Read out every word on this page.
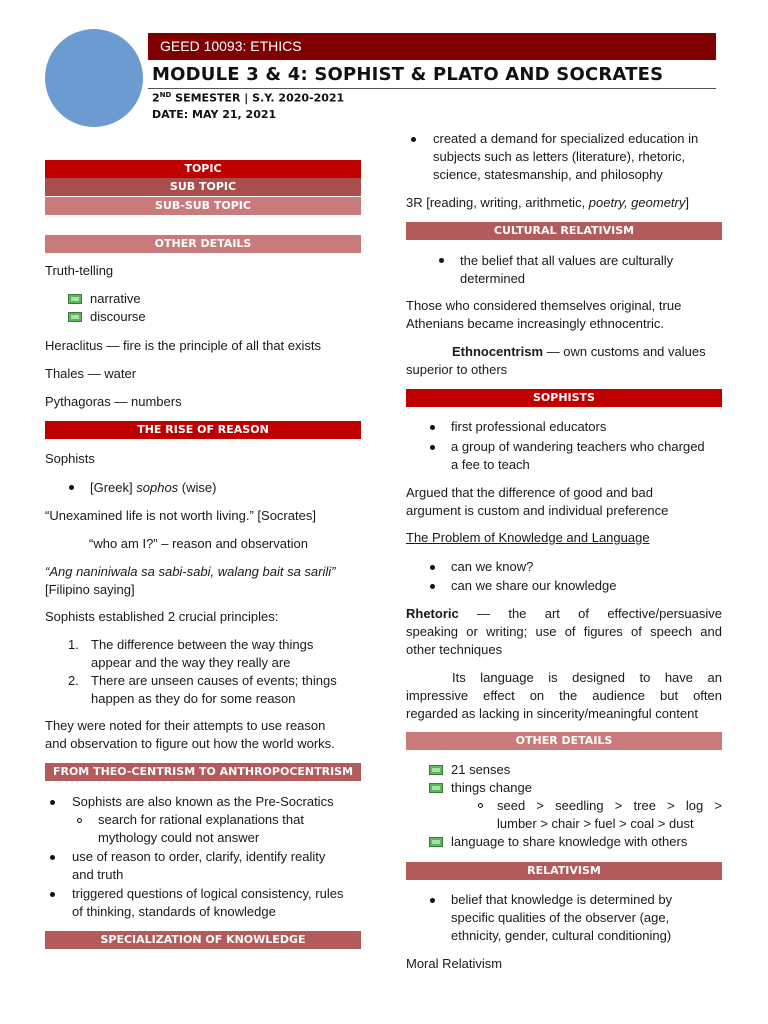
GEED 10093: ETHICS
MODULE 3 & 4: SOPHIST & PLATO AND SOCRATES
2ND SEMESTER | S.Y. 2020-2021
DATE: MAY 21, 2021
TOPIC
SUB TOPIC
SUB-SUB TOPIC
OTHER DETAILS
Truth-telling
narrative
discourse
Heraclitus — fire is the principle of all that exists
Thales — water
Pythagoras — numbers
THE RISE OF REASON
Sophists
[Greek] sophos (wise)
“Unexamined life is not worth living.” [Socrates]
“who am I?” – reason and observation
“Ang naniniwala sa sabi-sabi, walang bait sa sarili”
[Filipino saying]
Sophists established 2 crucial principles:
1. The difference between the way things
appear and the way they really are
2. There are unseen causes of events; things
happen as they do for some reason
They were noted for their attempts to use reason
and observation to figure out how the world works.
FROM THEO-CENTRISM TO ANTHROPOCENTRISM
Sophists are also known as the Pre-Socratics
search for rational explanations that
mythology could not answer
use of reason to order, clarify, identify reality
and truth
triggered questions of logical consistency, rules
of thinking, standards of knowledge
SPECIALIZATION OF KNOWLEDGE
created a demand for specialized education in
subjects such as letters (literature), rhetoric,
science, statesmanship, and philosophy
3R [reading, writing, arithmetic, poetry, geometry]
CULTURAL RELATIVISM
the belief that all values are culturally
determined
Those who considered themselves original, true
Athenians became increasingly ethnocentric.
Ethnocentrism — own customs and values
superior to others
SOPHISTS
first professional educators
a group of wandering teachers who charged
a fee to teach
Argued that the difference of good and bad
argument is custom and individual preference
The Problem of Knowledge and Language
can we know?
can we share our knowledge
Rhetoric — the art of effective/persuasive
speaking or writing; use of figures of speech and
other techniques
Its language is designed to have an
impressive effect on the audience but often
regarded as lacking in sincerity/meaningful content
OTHER DETAILS
21 senses
things change
seed > seedling > tree > log >
lumber > chair > fuel > coal > dust
language to share knowledge with others
RELATIVISM
belief that knowledge is determined by
specific qualities of the observer (age,
ethnicity, gender, cultural conditioning)
Moral Relativism
